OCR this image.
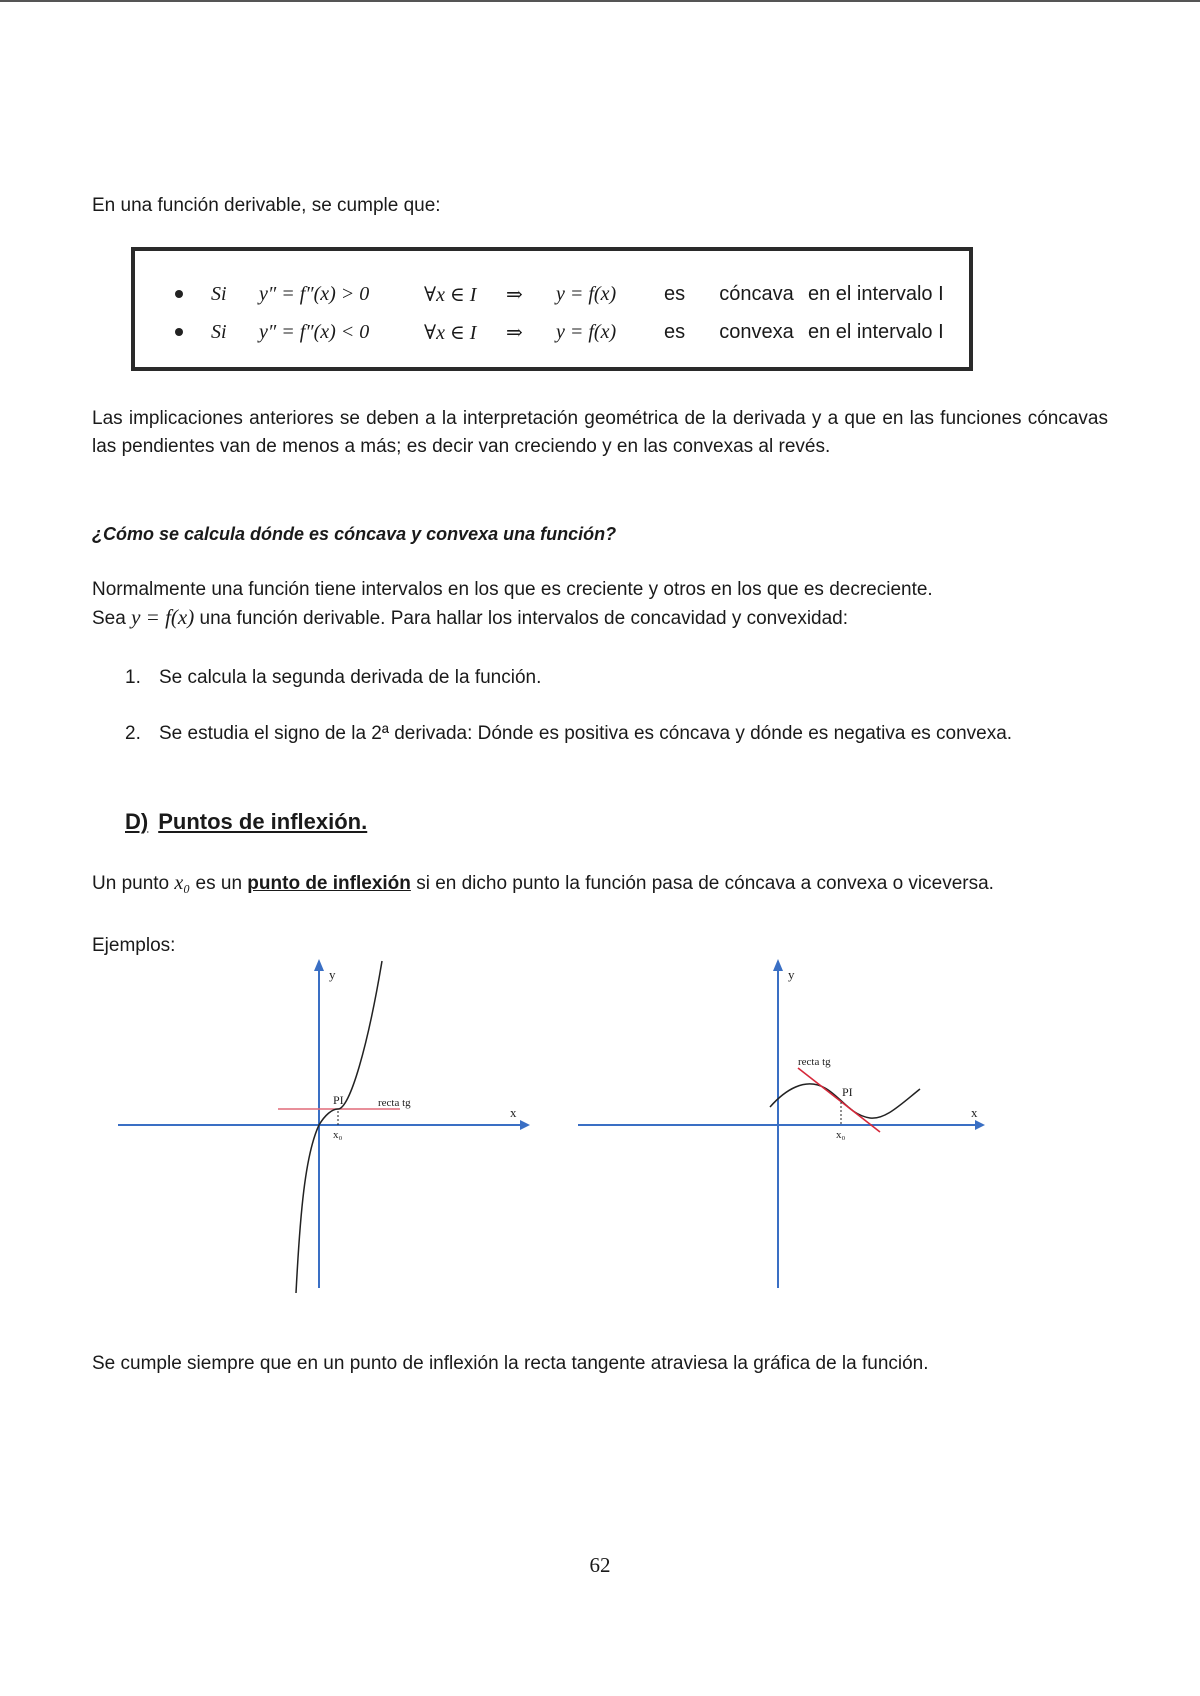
En una función derivable, se cumple que:

Si	y″ = f″(x) > 0	∀x ∈ I	⇒	y = f(x)	es	cóncava en el intervalo I
Si	y″ = f″(x) < 0	∀x ∈ I	⇒	y = f(x)	es	convexa en el intervalo I

Las implicaciones anteriores se deben a la interpretación geométrica de la derivada y a que en las funciones cóncavas las pendientes van de menos a más; es decir van creciendo y en las convexas al revés.

¿Cómo se calcula dónde es cóncava y convexa una función?

Normalmente una función tiene intervalos en los que es creciente y otros en los que es decreciente.

Sea y = f(x) una función derivable. Para hallar los intervalos de concavidad y convexidad:

1. Se calcula la segunda derivada de la función.

2. Se estudia el signo de la 2ª derivada: Dónde es positiva es cóncava y dónde es negativa es convexa.

D) Puntos de inflexión.

Un punto x₀ es un punto de inflexión si en dicho punto la función pasa de cóncava a convexa o viceversa.

Ejemplos:

y
x
PI
x₀
recta tg
y
x
PI
x₀
recta tg

Se cumple siempre que en un punto de inflexión la recta tangente atraviesa la gráfica de la función.

62
